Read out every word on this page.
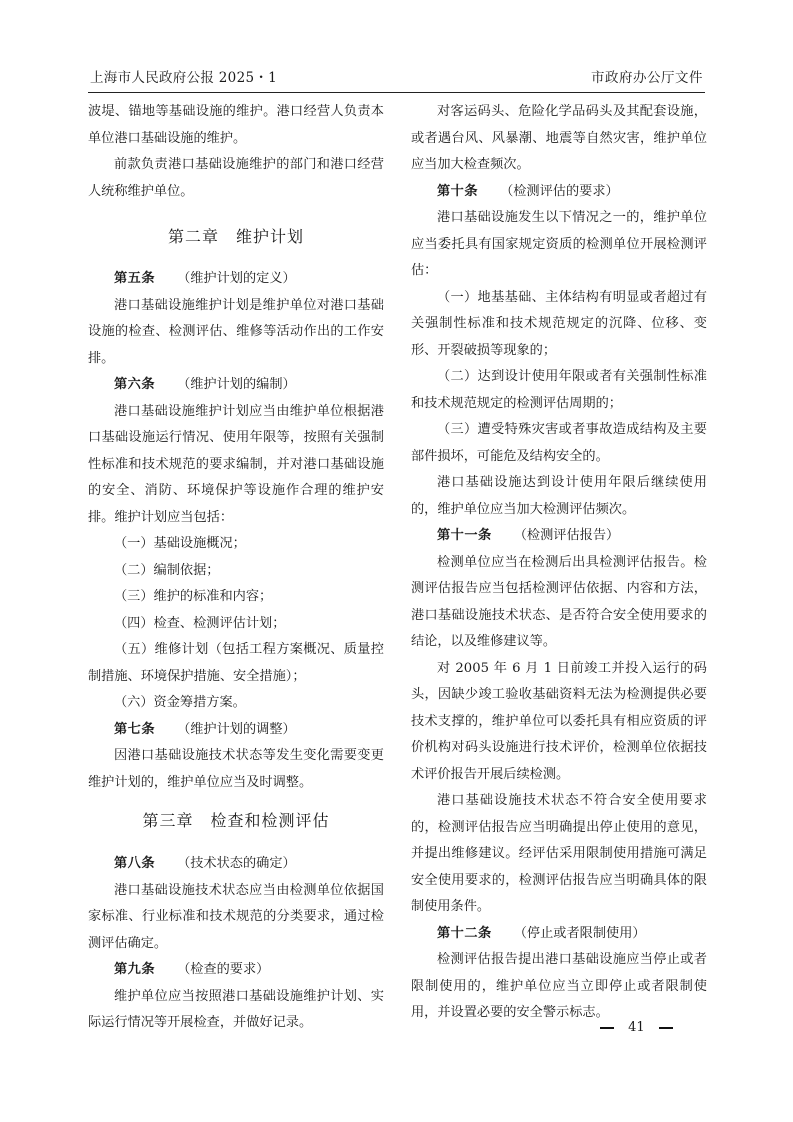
上海市人民政府公报 2025・1	市政府办公厅文件

波堤、锚地等基础设施的维护。港口经营人负责本单位港口基础设施的维护。

前款负责港口基础设施维护的部门和港口经营人统称维护单位。

第二章　维护计划

第五条 （维护计划的定义）

港口基础设施维护计划是维护单位对港口基础设施的检查、检测评估、维修等活动作出的工作安排。

第六条 （维护计划的编制）

港口基础设施维护计划应当由维护单位根据港口基础设施运行情况、使用年限等，按照有关强制性标准和技术规范的要求编制，并对港口基础设施的安全、消防、环境保护等设施作合理的维护安排。维护计划应当包括：

（一）基础设施概况；

（二）编制依据；

（三）维护的标准和内容；

（四）检查、检测评估计划；

（五）维修计划（包括工程方案概况、质量控制措施、环境保护措施、安全措施）；

（六）资金筹措方案。

第七条 （维护计划的调整）

因港口基础设施技术状态等发生变化需要变更维护计划的，维护单位应当及时调整。

第三章　检查和检测评估

第八条 （技术状态的确定）

港口基础设施技术状态应当由检测单位依据国家标准、行业标准和技术规范的分类要求，通过检测评估确定。

第九条 （检查的要求）

维护单位应当按照港口基础设施维护计划、实际运行情况等开展检查，并做好记录。

对客运码头、危险化学品码头及其配套设施，或者遇台风、风暴潮、地震等自然灾害，维护单位应当加大检查频次。

第十条 （检测评估的要求）

港口基础设施发生以下情况之一的，维护单位应当委托具有国家规定资质的检测单位开展检测评估：

（一）地基基础、主体结构有明显或者超过有关强制性标准和技术规范规定的沉降、位移、变形、开裂破损等现象的；

（二）达到设计使用年限或者有关强制性标准和技术规范规定的检测评估周期的；

（三）遭受特殊灾害或者事故造成结构及主要部件损坏，可能危及结构安全的。

港口基础设施达到设计使用年限后继续使用的，维护单位应当加大检测评估频次。

第十一条 （检测评估报告）

检测单位应当在检测后出具检测评估报告。检测评估报告应当包括检测评估依据、内容和方法，港口基础设施技术状态、是否符合安全使用要求的结论，以及维修建议等。

对 2005 年 6 月 1 日前竣工并投入运行的码头，因缺少竣工验收基础资料无法为检测提供必要技术支撑的，维护单位可以委托具有相应资质的评价机构对码头设施进行技术评价，检测单位依据技术评价报告开展后续检测。

港口基础设施技术状态不符合安全使用要求的，检测评估报告应当明确提出停止使用的意见，并提出维修建议。经评估采用限制使用措施可满足安全使用要求的，检测评估报告应当明确具体的限制使用条件。

第十二条 （停止或者限制使用）

检测评估报告提出港口基础设施应当停止或者限制使用的，维护单位应当立即停止或者限制使用，并设置必要的安全警示标志。

41
